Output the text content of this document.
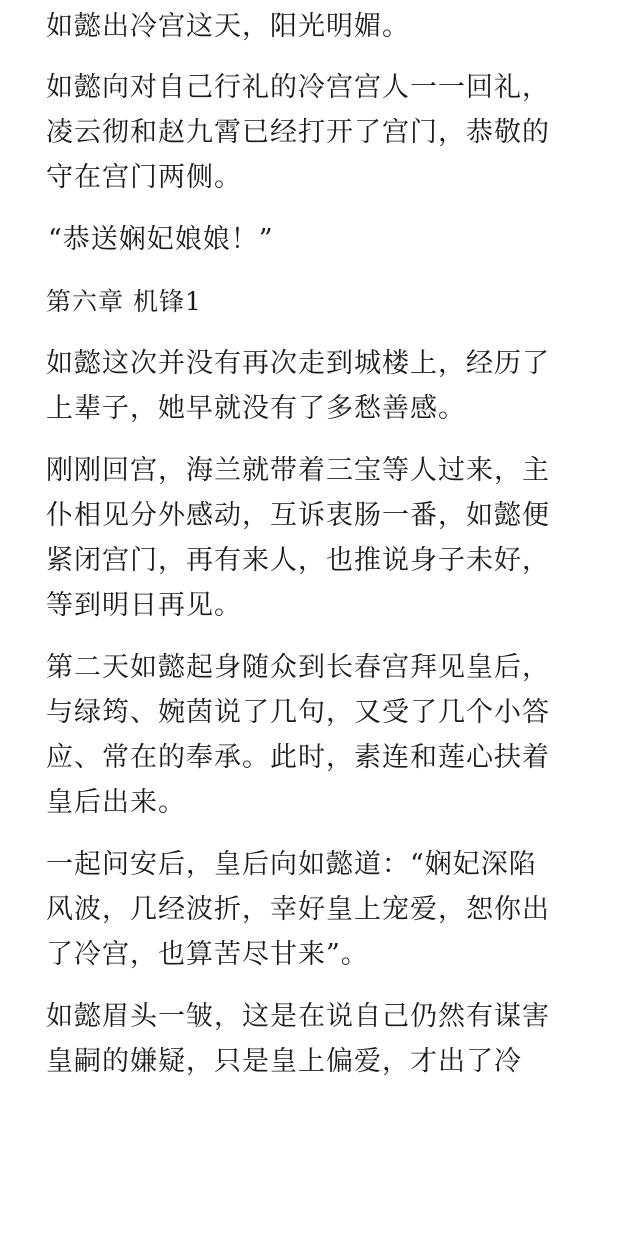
如懿出冷宫这天，阳光明媚。

如懿向对自己行礼的冷宫宫人一一回礼，
凌云彻和赵九霄已经打开了宫门，恭敬的
守在宫门两侧。

“恭送娴妃娘娘！”

第六章 机锋1

如懿这次并没有再次走到城楼上，经历了
上辈子，她早就没有了多愁善感。

刚刚回宫，海兰就带着三宝等人过来，主
仆相见分外感动，互诉衷肠一番，如懿便
紧闭宫门，再有来人，也推说身子未好，
等到明日再见。

第二天如懿起身随众到长春宫拜见皇后，
与绿筠、婉茵说了几句，又受了几个小答
应、常在的奉承。此时，素连和莲心扶着
皇后出来。

一起问安后，皇后向如懿道：“娴妃深陷
风波，几经波折，幸好皇上宠爱，恕你出
了冷宫，也算苦尽甘来”。

如懿眉头一皱，这是在说自己仍然有谋害
皇嗣的嫌疑，只是皇上偏爱，才出了冷
